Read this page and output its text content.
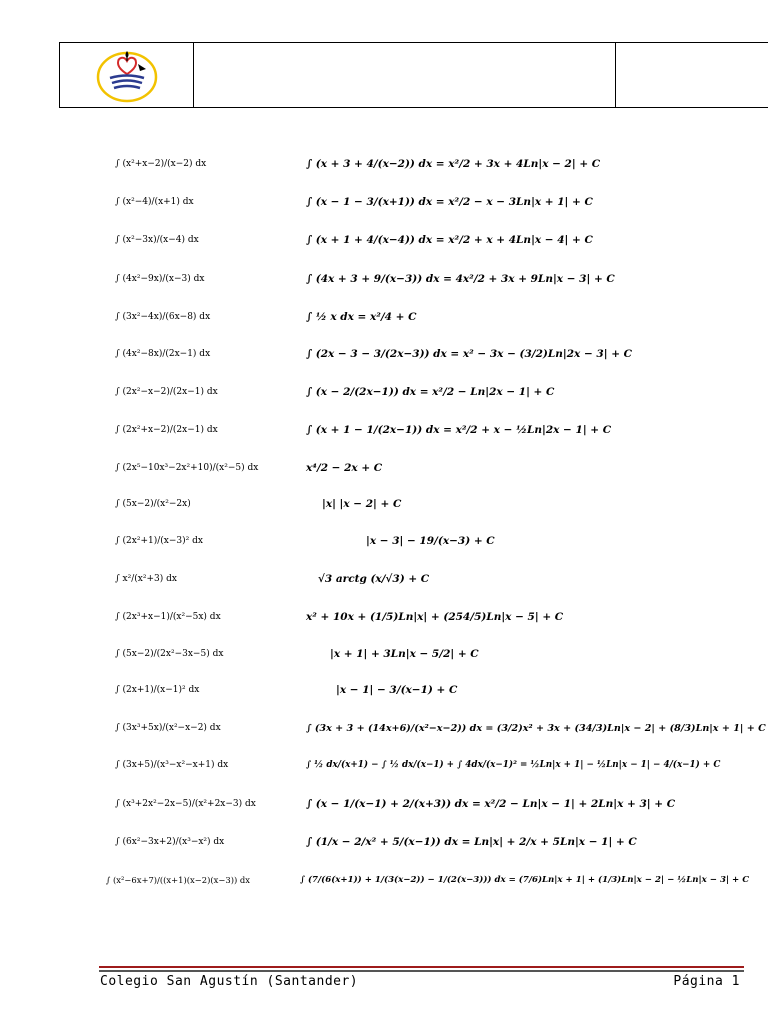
∫ (x²+x−2)/(x−2) dx	∫ (x + 3 + 4/(x−2)) dx = x²/2 + 3x + 4Ln|x − 2| + C
∫ (x²−4)/(x+1) dx	∫ (x − 1 − 3/(x+1)) dx = x²/2 − x − 3Ln|x + 1| + C
∫ (x²−3x)/(x−4) dx	∫ (x + 1 + 4/(x−4)) dx = x²/2 + x + 4Ln|x − 4| + C
∫ (4x²−9x)/(x−3) dx	∫ (4x + 3 + 9/(x−3)) dx = 4x²/2 + 3x + 9Ln|x − 3| + C
∫ (3x²−4x)/(6x−8) dx	∫ ½ x dx = x²/4 + C
∫ (4x²−8x)/(2x−1) dx	∫ (2x − 3 − 3/(2x−3)) dx = x² − 3x − (3/2)Ln|2x − 3| + C
∫ (2x²−x−2)/(2x−1) dx	∫ (x − 2/(2x−1)) dx = x²/2 − Ln|2x − 1| + C
∫ (2x²+x−2)/(2x−1) dx	∫ (x + 1 − 1/(2x−1)) dx = x²/2 + x − ½Ln|2x − 1| + C
∫ (2x⁵−10x³−2x²+10)/(x²−5) dx	x⁴/2 − 2x + C
∫ (5x−2)/(x²−2x)	|x| |x − 2| + C
∫ (2x²+1)/(x−3)² dx	|x − 3| − 19/(x−3) + C
∫ x²/(x²+3) dx	√3 arctg (x/√3) + C
∫ (2x³+x−1)/(x²−5x) dx	x² + 10x + (1/5)Ln|x| + (254/5)Ln|x − 5| + C
∫ (5x−2)/(2x²−3x−5) dx	|x + 1| + 3Ln|x − 5/2| + C
∫ (2x+1)/(x−1)² dx	|x − 1| − 3/(x−1) + C
∫ (3x³+5x)/(x²−x−2) dx	∫ (3x + 3 + (14x+6)/(x²−x−2)) dx = (3/2)x² + 3x + (34/3)Ln|x − 2| + (8/3)Ln|x + 1| + C
∫ (3x+5)/(x³−x²−x+1) dx	∫ ½ dx/(x+1) − ∫ ½ dx/(x−1) + ∫ 4dx/(x−1)² = ½Ln|x + 1| − ½Ln|x − 1| − 4/(x−1) + C
∫ (x³+2x²−2x−5)/(x²+2x−3) dx	∫ (x − 1/(x−1) + 2/(x+3)) dx = x²/2 − Ln|x − 1| + 2Ln|x + 3| + C
∫ (6x²−3x+2)/(x³−x²) dx	∫ (1/x − 2/x² + 5/(x−1)) dx = Ln|x| + 2/x + 5Ln|x − 1| + C
∫ (x²−6x+7)/((x+1)(x−2)(x−3)) dx	∫ (7/(6(x+1)) + 1/(3(x−2)) − 1/(2(x−3))) dx = (7/6)Ln|x + 1| + (1/3)Ln|x − 2| − ½Ln|x − 3| + C
Colegio San Agustín (Santander)	Página 1
